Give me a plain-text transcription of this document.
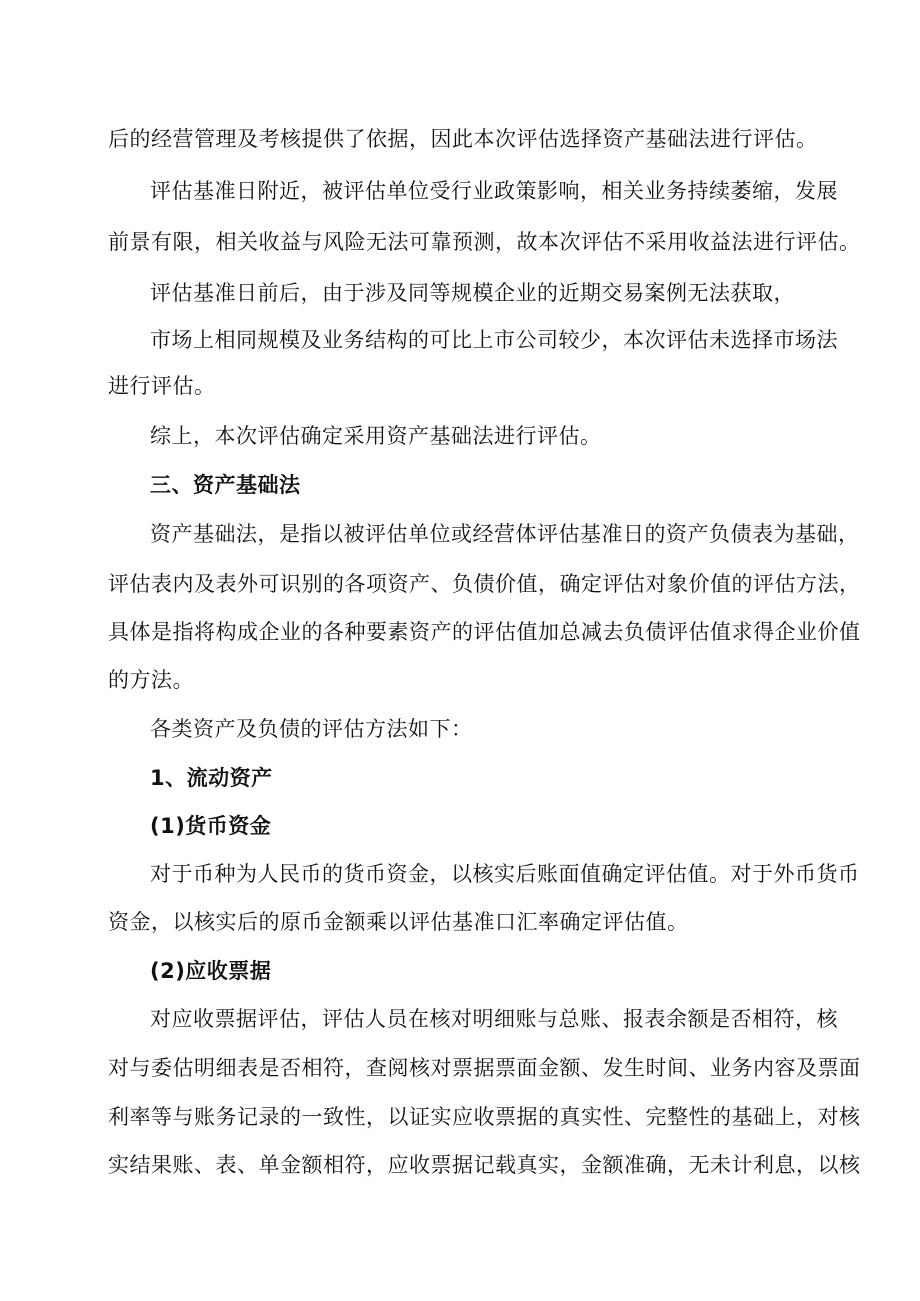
后的经营管理及考核提供了依据，因此本次评估选择资产基础法进行评估。
评估基准日附近，被评估单位受行业政策影响，相关业务持续萎缩，发展
前景有限，相关收益与风险无法可靠预测，故本次评估不采用收益法进行评估。
评估基准日前后，由于涉及同等规模企业的近期交易案例无法获取，
市场上相同规模及业务结构的可比上市公司较少，本次评估未选择市场法
进行评估。
综上，本次评估确定采用资产基础法进行评估。
三、资产基础法
资产基础法，是指以被评估单位或经营体评估基准日的资产负债表为基础，
评估表内及表外可识别的各项资产、负债价值，确定评估对象价值的评估方法，
具体是指将构成企业的各种要素资产的评估值加总减去负债评估值求得企业价值
的方法。
各类资产及负债的评估方法如下：
1、流动资产
(1)货币资金
对于币种为人民币的货币资金，以核实后账面值确定评估值。对于外币货币
资金，以核实后的原币金额乘以评估基准口汇率确定评估值。
(2)应收票据
对应收票据评估，评估人员在核对明细账与总账、报表余额是否相符，核
对与委估明细表是否相符，查阅核对票据票面金额、发生时间、业务内容及票面
利率等与账务记录的一致性，以证实应收票据的真实性、完整性的基础上，对核
实结果账、表、单金额相符，应收票据记载真实，金额准确，无未计利息，以核
